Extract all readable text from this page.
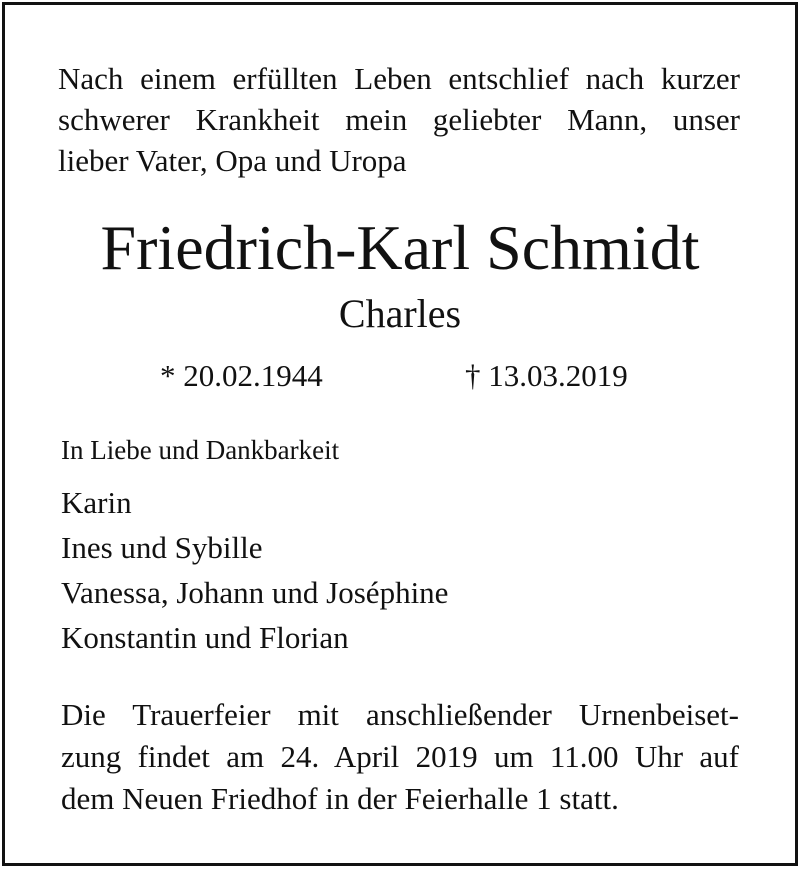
Nach einem erfüllten Leben entschlief nach kurzer
schwerer Krankheit mein geliebter Mann, unser
lieber Vater, Opa und Uropa

Friedrich-Karl Schmidt
Charles
* 20.02.1944	† 13.03.2019
In Liebe und Dankbarkeit
Karin
Ines und Sybille
Vanessa, Johann und Joséphine
Konstantin und Florian

Die Trauerfeier mit anschließender Urnenbeiset-
zung findet am 24. April 2019 um 11.00 Uhr auf
dem Neuen Friedhof in der Feierhalle 1 statt.
